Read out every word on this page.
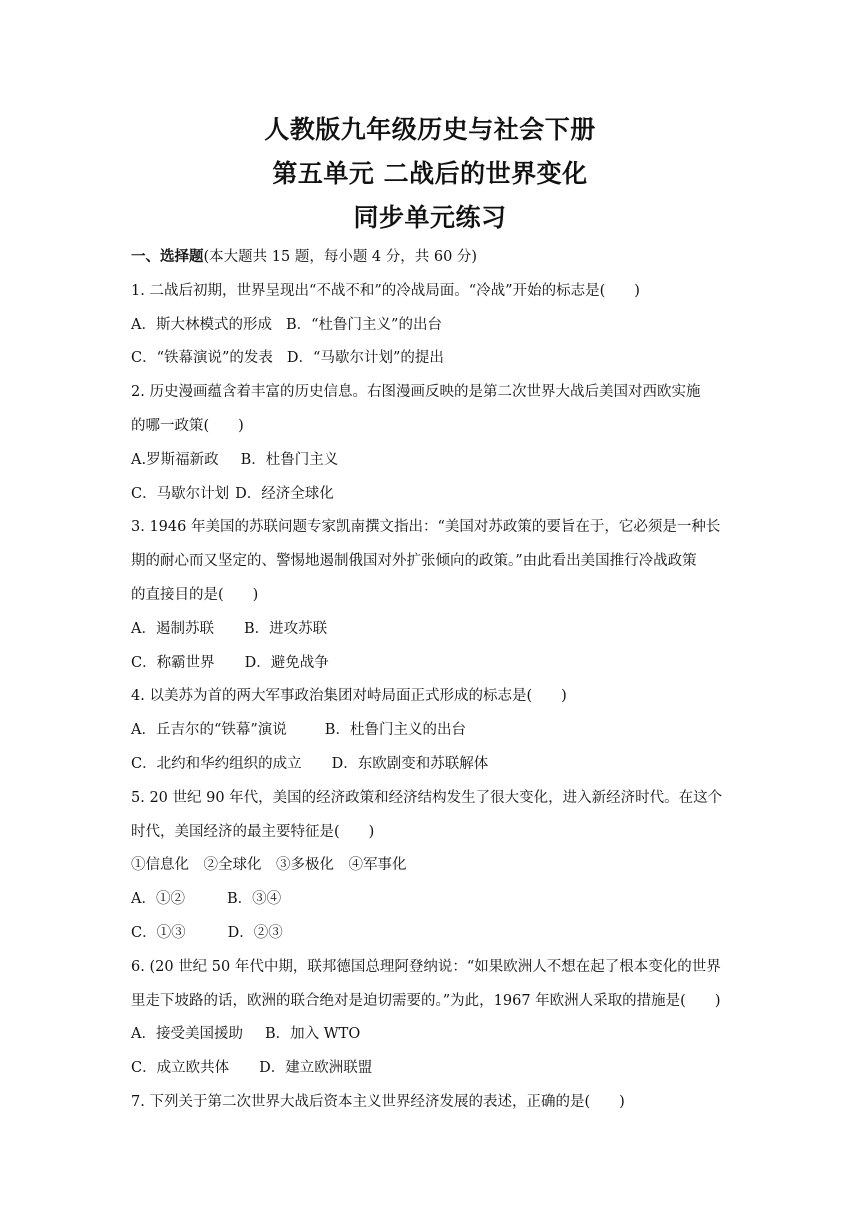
人教版九年级历史与社会下册
第五单元 二战后的世界变化
同步单元练习
一、选择题(本大题共 15 题，每小题 4 分，共 60 分)
1. 二战后初期，世界呈现出“不战不和”的冷战局面。“冷战”开始的标志是(　　)
A．斯大林模式的形成 B．“杜鲁门主义”的出台
C．“铁幕演说”的发表 D．“马歇尔计划”的提出
2. 历史漫画蕴含着丰富的历史信息。右图漫画反映的是第二次世界大战后美国对西欧实施
的哪一政策(　　)
A.罗斯福新政 B．杜鲁门主义
C．马歇尔计划 D．经济全球化
3. 1946 年美国的苏联问题专家凯南撰文指出：“美国对苏政策的要旨在于，它必须是一种长
期的耐心而又坚定的、警惕地遏制俄国对外扩张倾向的政策。”由此看出美国推行冷战政策
的直接目的是(　　)
A．遏制苏联 B．进攻苏联
C．称霸世界 D．避免战争
4. 以美苏为首的两大军事政治集团对峙局面正式形成的标志是(　　)
A．丘吉尔的“铁幕”演说	B．杜鲁门主义的出台
C．北约和华约组织的成立 D．东欧剧变和苏联解体
5. 20 世纪 90 年代，美国的经济政策和经济结构发生了很大变化，进入新经济时代。在这个
时代，美国经济的最主要特征是(　　)
①信息化　②全球化　③多极化　④军事化
A．①②	B．③④
C．①③	D．②③
6. (20 世纪 50 年代中期，联邦德国总理阿登纳说：“如果欧洲人不想在起了根本变化的世界
里走下坡路的话，欧洲的联合绝对是迫切需要的。”为此，1967 年欧洲人采取的措施是(　　)
A．接受美国援助 B．加入 WTO
C．成立欧共体 D．建立欧洲联盟
7. 下列关于第二次世界大战后资本主义世界经济发展的表述，正确的是(　　)
